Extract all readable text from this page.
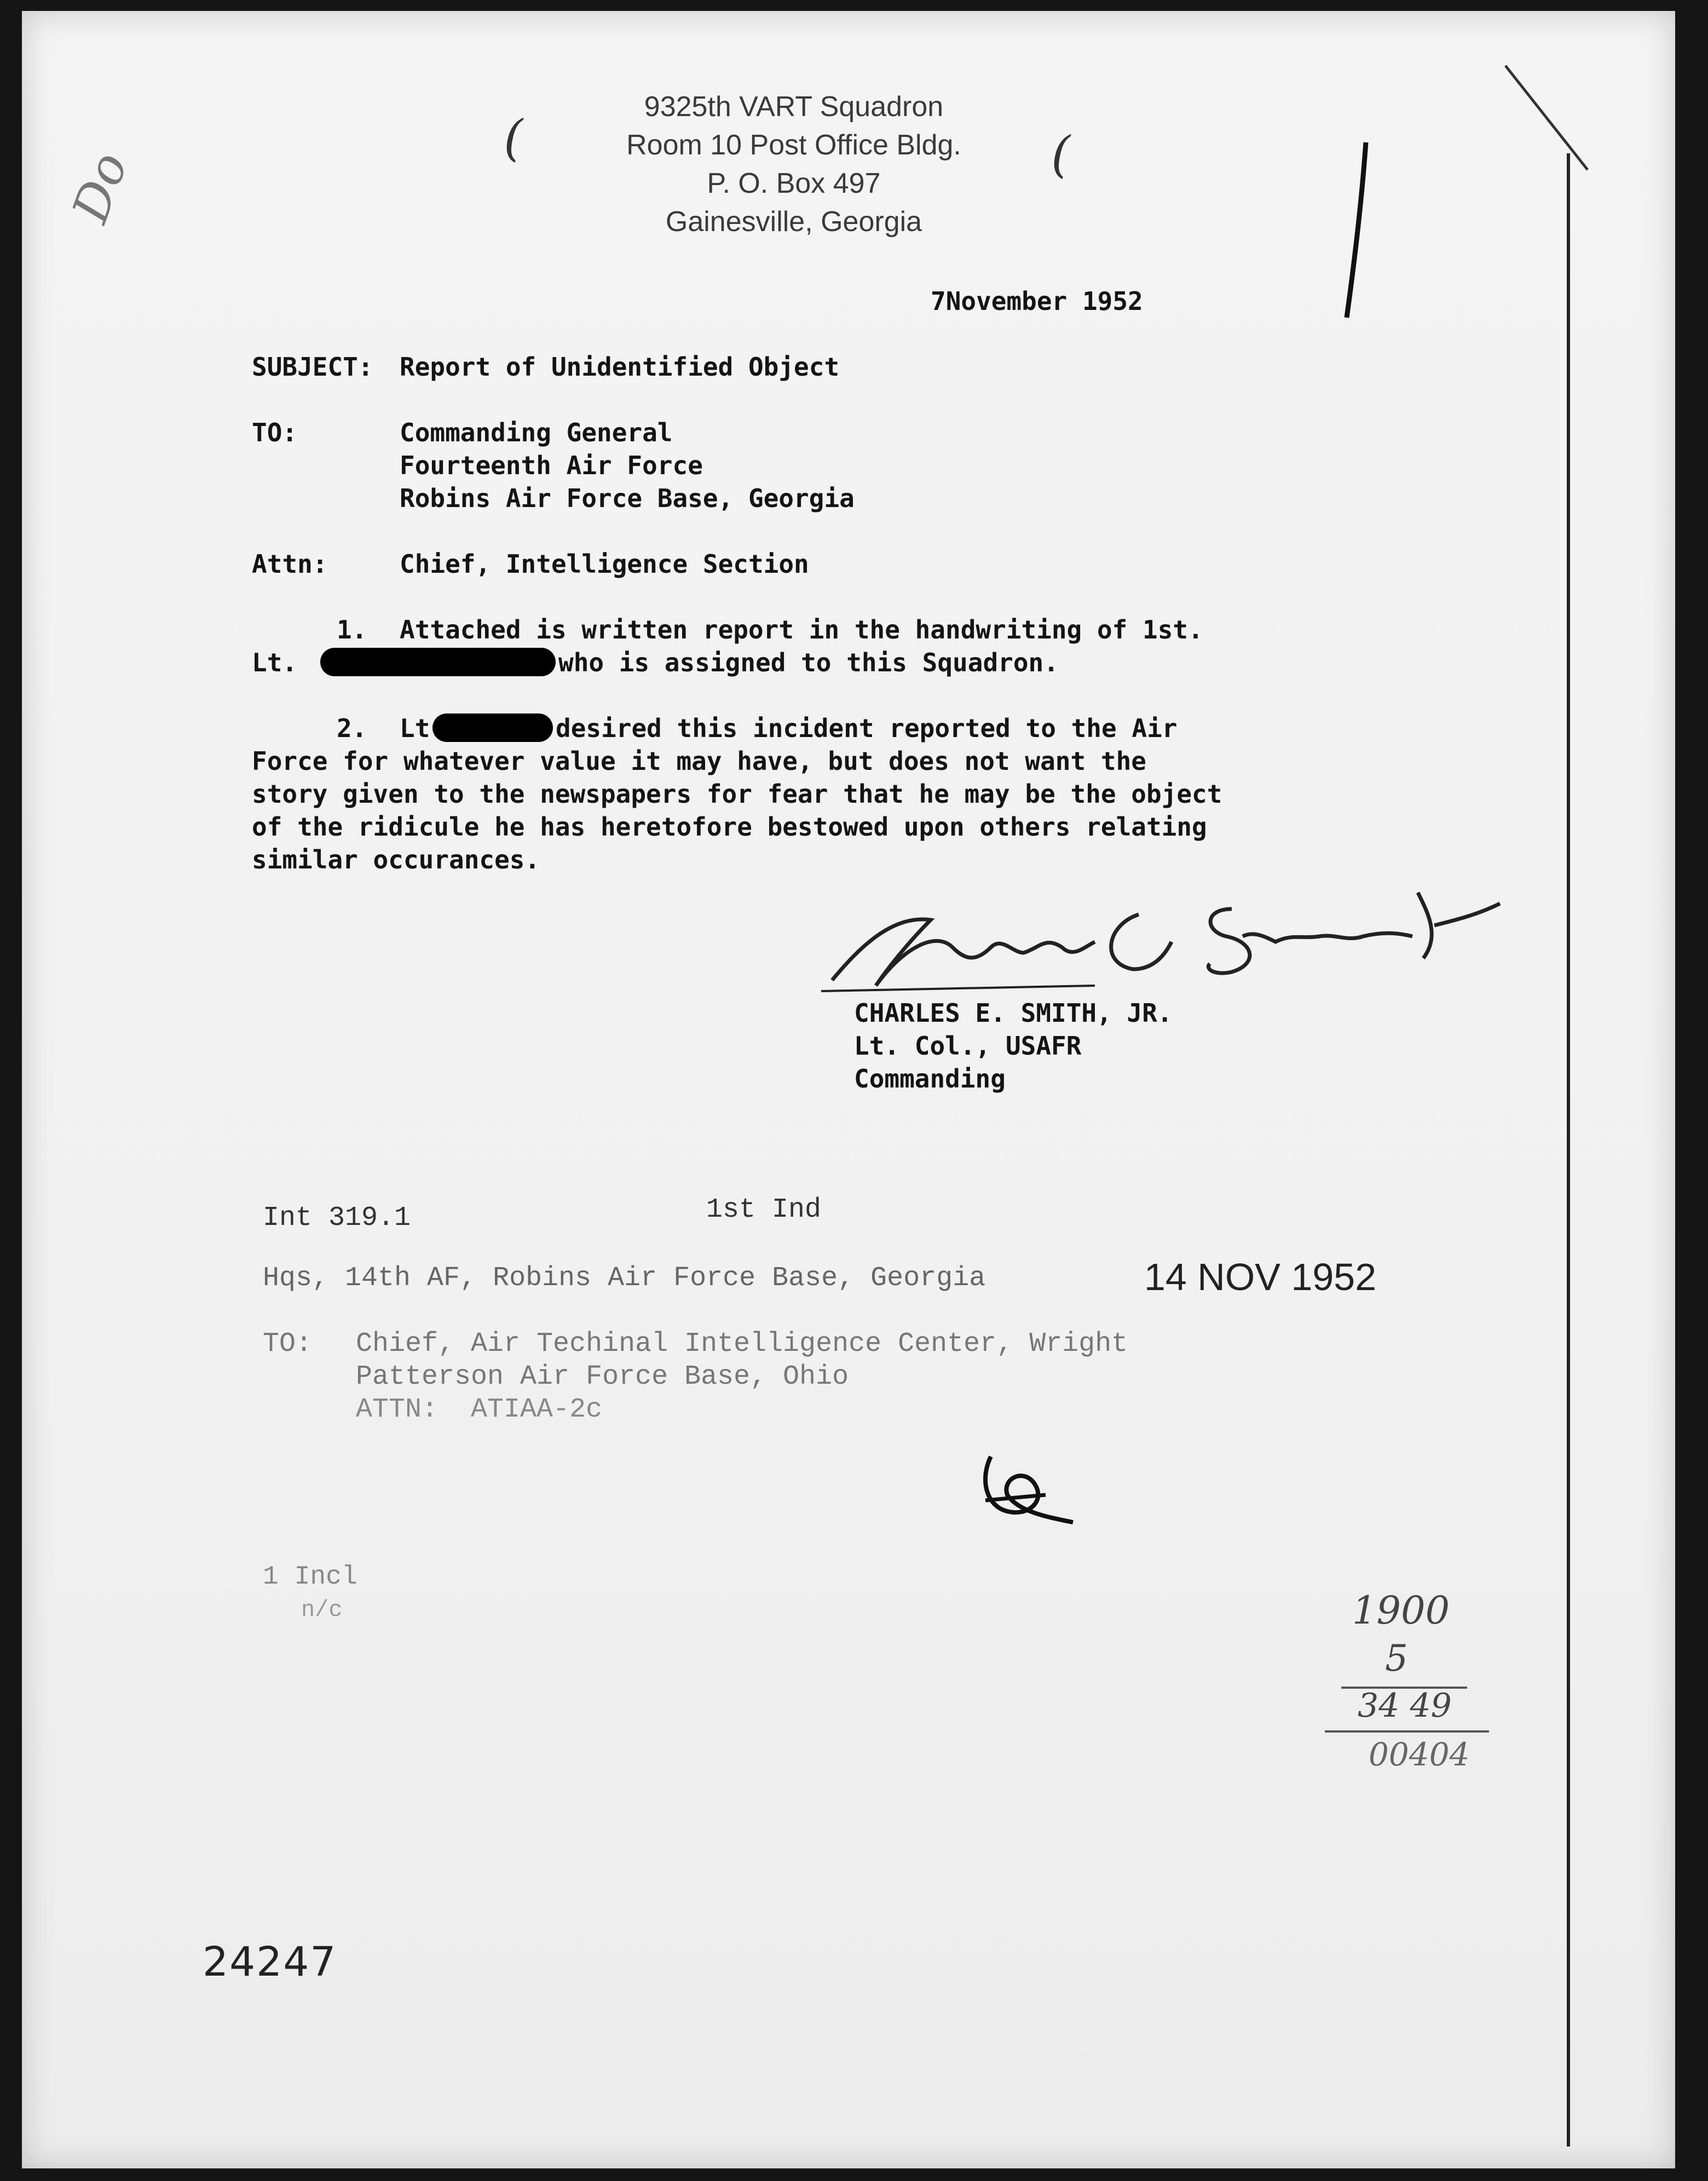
Do
9325th VART Squadron
Room 10 Post Office Bldg.
P. O. Box 497
Gainesville, Georgia
(	(
7November 1952
SUBJECT: Report of Unidentified Object
TO:	Commanding General
Fourteenth Air Force
Robins Air Force Base, Georgia
Attn:	Chief, Intelligence Section
1. Attached is written report in the handwriting of 1st.
Lt.	who is assigned to this Squadron.
2. Lt	desired this incident reported to the Air
Force for whatever value it may have, but does not want the
story given to the newspapers for fear that he may be the object
of the ridicule he has heretofore bestowed upon others relating
similar occurances.
CHARLES E. SMITH, JR.
Lt. Col., USAFR
Commanding
Int 319.1	1st Ind
Hqs, 14th AF, Robins Air Force Base, Georgia	14 NOV 1952
TO: Chief, Air Techinal Intelligence Center, Wright
Patterson Air Force Base, Ohio
ATTN:  ATIAA-2c
1 Incl
n/c	1900
5
34 49
00404
24247
